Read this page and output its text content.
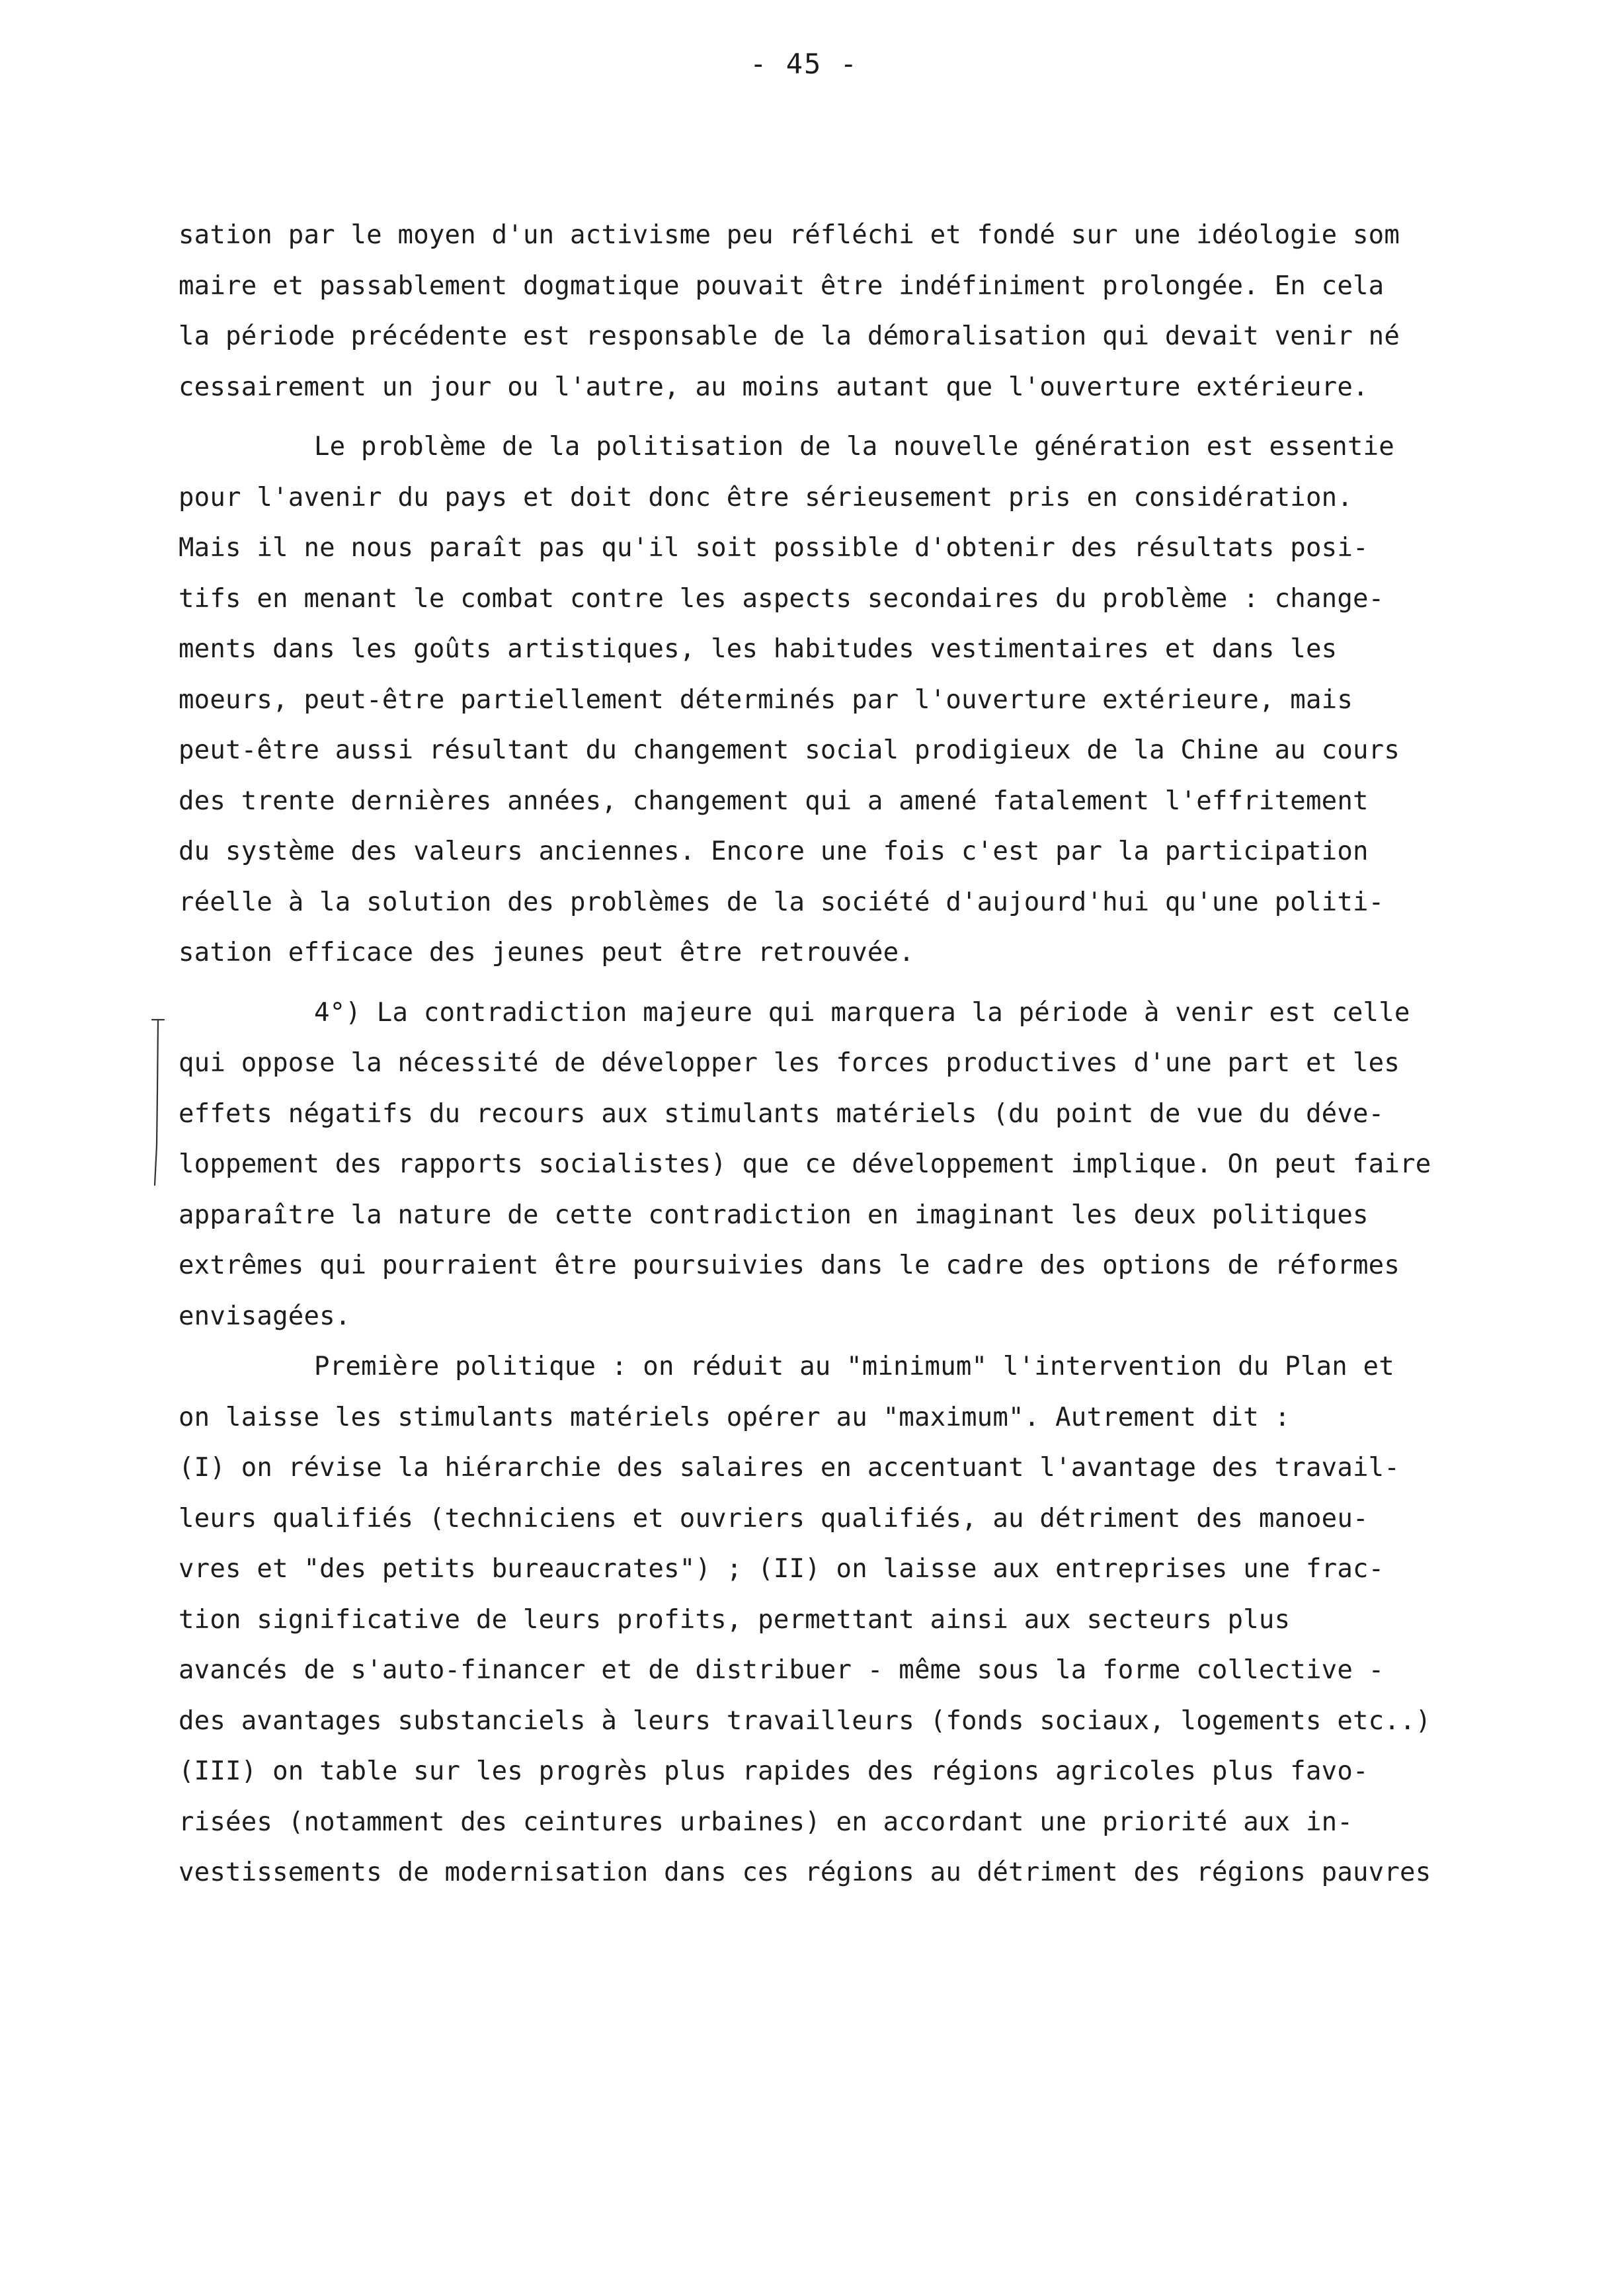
- 45 -
sation par le moyen d'un activisme peu réfléchi et fondé sur une idéologie som
maire et passablement dogmatique pouvait être indéfiniment prolongée. En cela
la période précédente est responsable de la démoralisation qui devait venir né
cessairement un jour ou l'autre, au moins autant que l'ouverture extérieure.
Le problème de la politisation de la nouvelle génération est essentie
pour l'avenir du pays et doit donc être sérieusement pris en considération.
Mais il ne nous paraît pas qu'il soit possible d'obtenir des résultats posi-
tifs en menant le combat contre les aspects secondaires du problème : change-
ments dans les goûts artistiques, les habitudes vestimentaires et dans les
moeurs, peut-être partiellement déterminés par l'ouverture extérieure, mais
peut-être aussi résultant du changement social prodigieux de la Chine au cours
des trente dernières années, changement qui a amené fatalement l'effritement
du système des valeurs anciennes. Encore une fois c'est par la participation
réelle à la solution des problèmes de la société d'aujourd'hui qu'une politi-
sation efficace des jeunes peut être retrouvée.
4°) La contradiction majeure qui marquera la période à venir est celle
qui oppose la nécessité de développer les forces productives d'une part et les
effets négatifs du recours aux stimulants matériels (du point de vue du déve-
loppement des rapports socialistes) que ce développement implique. On peut faire
apparaître la nature de cette contradiction en imaginant les deux politiques
extrêmes qui pourraient être poursuivies dans le cadre des options de réformes
envisagées.
Première politique : on réduit au "minimum" l'intervention du Plan et
on laisse les stimulants matériels opérer au "maximum". Autrement dit :
(I) on révise la hiérarchie des salaires en accentuant l'avantage des travail-
leurs qualifiés (techniciens et ouvriers qualifiés, au détriment des manoeu-
vres et "des petits bureaucrates") ; (II) on laisse aux entreprises une frac-
tion significative de leurs profits, permettant ainsi aux secteurs plus
avancés de s'auto-financer et de distribuer - même sous la forme collective -
des avantages substanciels à leurs travailleurs (fonds sociaux, logements etc..)
(III) on table sur les progrès plus rapides des régions agricoles plus favo-
risées (notamment des ceintures urbaines) en accordant une priorité aux in-
vestissements de modernisation dans ces régions au détriment des régions pauvres
